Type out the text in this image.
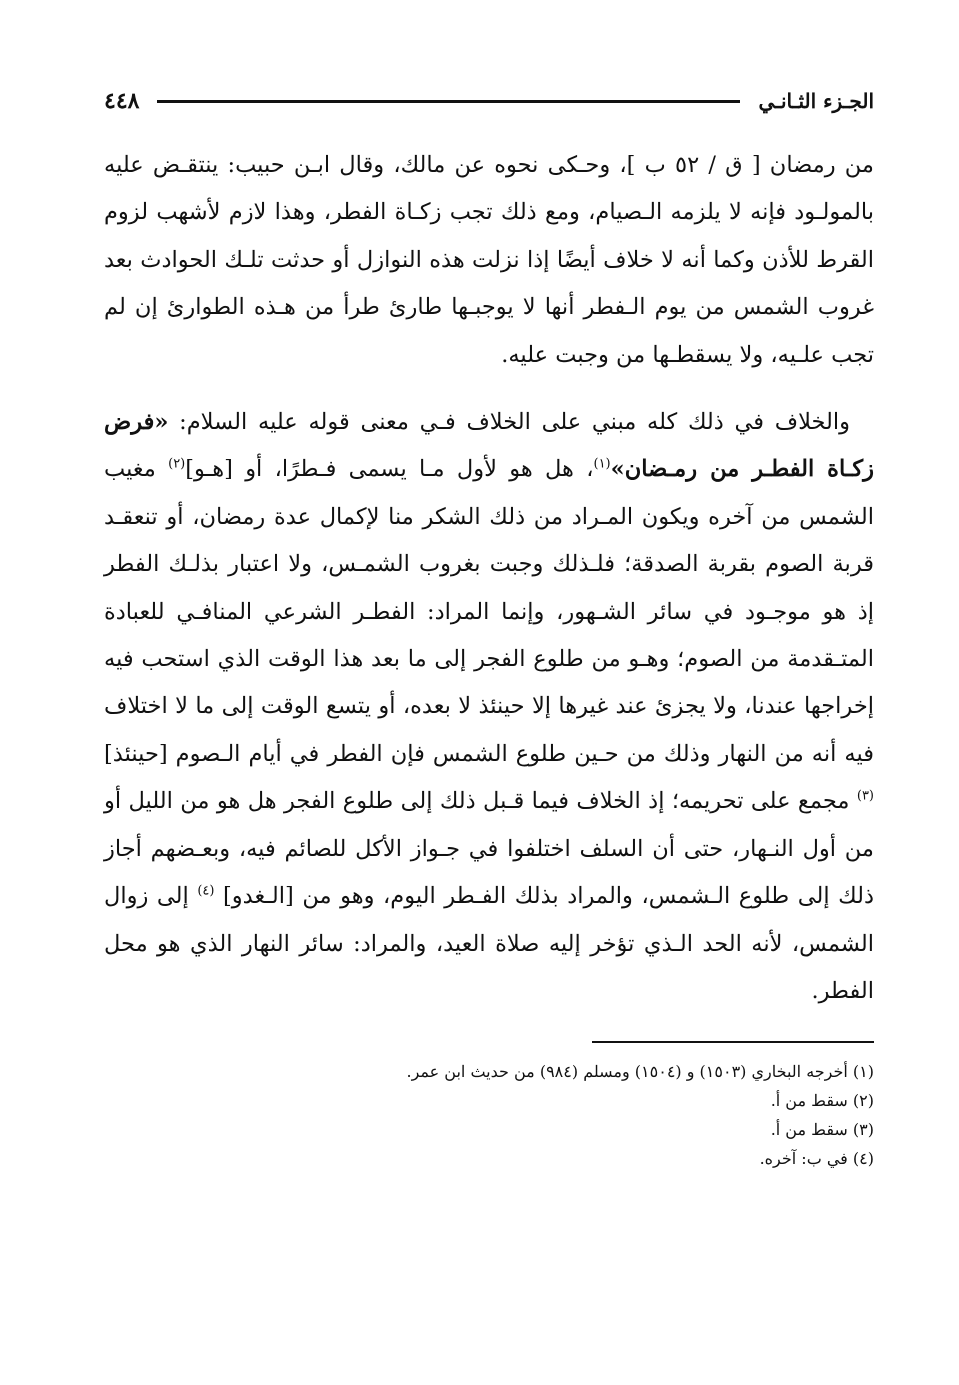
الجـزء الثـانـي
٤٤٨

من رمضان [ ق / ٥٢ ب ]، وحـكى نحوه عن مالك، وقال ابـن حبيب: ينتقـض عليه بالمولـود فإنه لا يلزمه الـصيام، ومع ذلك تجب زكـاة الفطر، وهذا لازم لأشهب لزوم القرط للأذن وكما أنه لا خلاف أيضًا إذا نزلت هذه النوازل أو حدثت تلـك الحوادث بعد غروب الشمس من يوم الـفطر أنها لا يوجبـها طارئ طرأ من هـذه الطوارئ إن لم تجب علـيه، ولا يسقطـها من وجبت عليه.

والخلاف في ذلك كله مبني على الخلاف فـي معنى قوله عليه السلام: «فرض زكـاة الفطـر من رمـضان»$^{(١)}$، هل هو لأول مـا يسمى فـطرًا، أو [هـو]$^{(٢)}$ مغيب الشمس من آخره ويكون المـراد من ذلك الشكر منا لإكمال عدة رمضان، أو تنعقـد قربة الصوم بقربة الصدقة؛ فلـذلك وجبت بغروب الشمـس، ولا اعتبار بذلـك الفطر إذ هو موجـود في سائر الشـهور، وإنما المراد: الفطـر الشرعي المنافـي للعبادة المتـقدمة من الصوم؛ وهـو من طلوع الفجر إلى ما بعد هذا الوقت الذي استحب فيه إخراجها عندنا، ولا يجزئ عند غيرها إلا حينئذ لا بعده، أو يتسع الوقت إلى ما لا اختلاف فيه أنه من النهار وذلك من حـين طلوع الشمس فإن الفطر في أيام الـصوم [حينئذ]$^{(٣)}$ مجمع على تحريمه؛ إذ الخلاف فيما قـبل ذلك إلى طلوع الفجر هل هو من الليل أو من أول النـهار، حتى أن السلف اختلفوا في جـواز الأكل للصائم فيه، وبعـضهم أجاز ذلك إلى طلوع الـشمس، والمراد بذلك الفـطر اليوم، وهو من [الـغدو] $^{(٤)}$ إلى زوال الشمس، لأنه الحد الـذي تؤخر إليه صلاة العيد، والمراد: سائر النهار الذي هو محل الفطر.

(١) أخرجه البخاري (١٥٠٣) و (١٥٠٤) ومسلم (٩٨٤) من حديث ابن عمر.

(٢) سقط من أ.

(٣) سقط من أ.

(٤) في ب: آخره.
